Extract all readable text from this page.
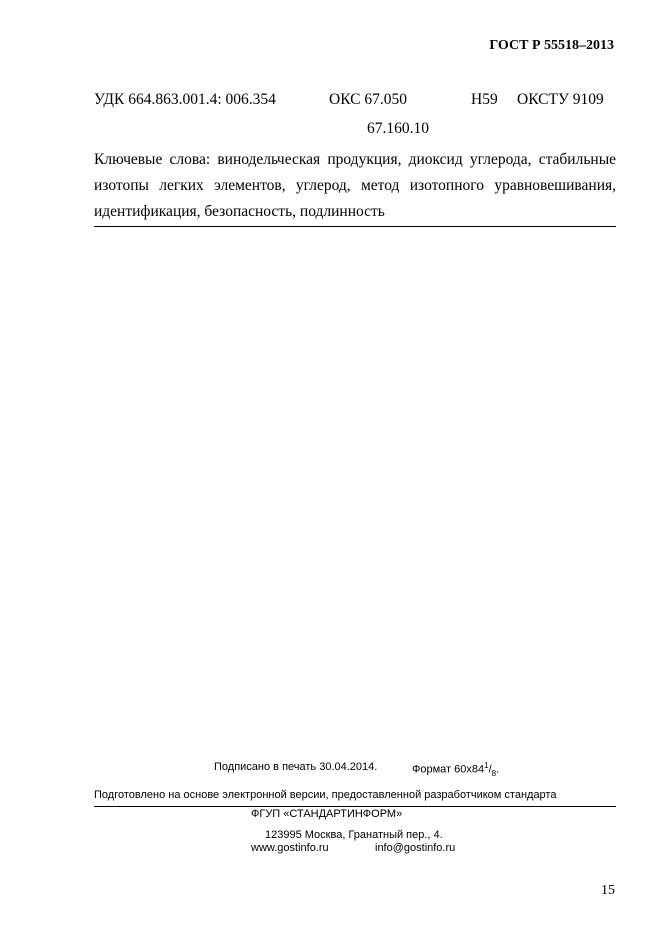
ГОСТ Р 55518–2013
УДК 664.863.001.4: 006.354	ОКС 67.050	Н59 ОКСТУ 9109
67.160.10

Ключевые слова: винодельческая продукция, диоксид углерода, стабильные изотопы легких элементов, углерод, метод изотопного уравновешивания, идентификация, безопасность, подлинность

Подписано в печать 30.04.2014.	Формат $60x84^1/_8$.
Подготовлено на основе электронной версии, предоставленной разработчиком стандарта
ФГУП «СТАНДАРТИНФОРМ»
123995 Москва, Гранатный пер., 4.
www.gostinfo.ru	info@gostinfo.ru
15
